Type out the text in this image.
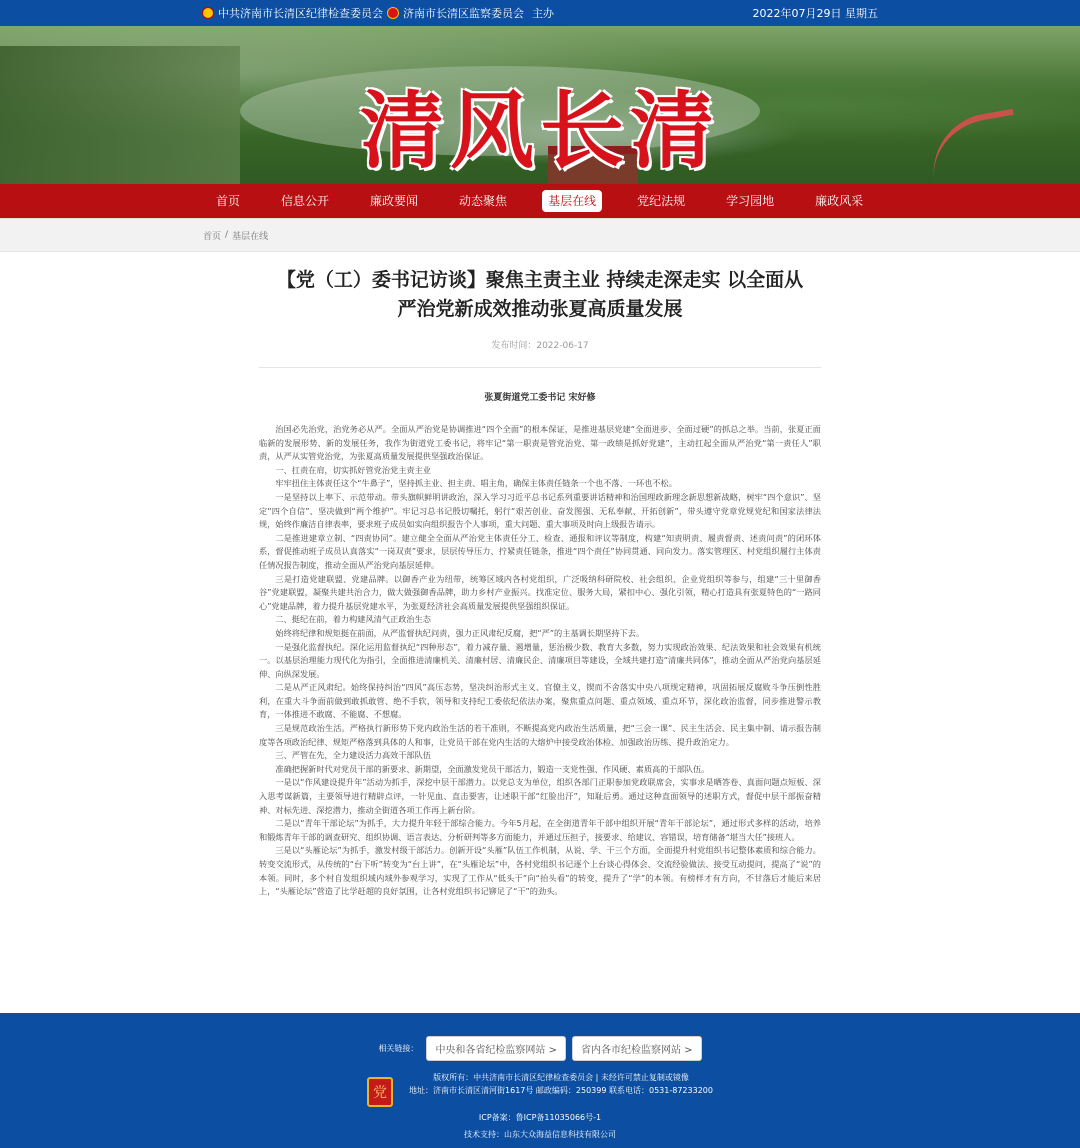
中共济南市长清区纪律检查委员会 济南市长清区监察委员会 主办	2022年07月29日 星期五
清风长清
首页	信息公开	廉政要闻	动态聚焦	基层在线	党纪法规	学习园地	廉政风采
首页 / 基层在线
【党（工）委书记访谈】聚焦主责主业 持续走深走实 以全面从
严治党新成效推动张夏高质量发展
发布时间：2022-06-17
张夏街道党工委书记 宋好修

治国必先治党，治党务必从严。全面从严治党是协调推进“四个全面”的根本保证，是推进基层党建“全面进步、全面过硬”的抓总之举。当前，张夏正面临新的发展形势、新的发展任务，我作为街道党工委书记，将牢记“第一职责是管党治党、第一政绩是抓好党建”，主动扛起全面从严治党“第一责任人”职责，从严从实管党治党，为张夏高质量发展提供坚强政治保证。

一、扛责在肩，切实抓好管党治党主责主业

牢牢扭住主体责任这个“牛鼻子”，坚持抓主业、担主责、唱主角，确保主体责任链条一个也不落、一环也不松。

一是坚持以上率下、示范带动。带头旗帜鲜明讲政治，深入学习习近平总书记系列重要讲话精神和治国理政新理念新思想新战略，树牢“四个意识”、坚定“四个自信”、坚决做到“两个维护”。牢记习总书记殷切嘱托，躬行“艰苦创业、奋发图强、无私奉献、开拓创新”，带头遵守党章党规党纪和国家法律法规，始终作廉洁自律表率，要求班子成员如实向组织报告个人事项，重大问题、重大事项及时向上级报告请示。

二是推进建章立制、“四责协同”。建立健全全面从严治党主体责任分工、检查、通报和评议等制度，构建“知责明责、履责督责、述责问责”的闭环体系，督促推动班子成员认真落实“一岗双责”要求，层层传导压力、拧紧责任链条，推进“四个责任”协同贯通、同向发力。落实管理区、村党组织履行主体责任情况报告制度，推动全面从严治党向基层延伸。

三是打造党建联盟、党建品牌。以御香产业为纽带，统筹区域内各村党组织，广泛吸纳科研院校、社会组织、企业党组织等参与，组建“三十里御香谷”党建联盟，凝聚共建共治合力，做大做强御香品牌，助力乡村产业振兴。找准定位、服务大局，紧扣中心、强化引领，精心打造具有张夏特色的“一路同心”党建品牌，着力提升基层党建水平，为张夏经济社会高质量发展提供坚强组织保证。

二、挺纪在前，着力构建风清气正政治生态

始终将纪律和规矩挺在前面，从严监督执纪问责，强力正风肃纪反腐，把“严”的主基调长期坚持下去。

一是强化监督执纪。深化运用监督执纪“四种形态”，着力减存量、遏增量，惩治极少数、教育大多数，努力实现政治效果、纪法效果和社会效果有机统一。以基层治理能力现代化为指引，全面推进清廉机关、清廉村居、清廉民企、清廉项目等建设，全域共建打造“清廉共同体”，推动全面从严治党向基层延伸、向纵深发展。

二是从严正风肃纪。始终保持纠治“四风”高压态势，坚决纠治形式主义、官僚主义，锲而不舍落实中央八项规定精神，巩固拓展反腐败斗争压倒性胜利，在重大斗争面前做到敢抓敢管、绝不手软，领导和支持纪工委依纪依法办案，聚焦重点问题、重点领域、重点环节，深化政治监督，同步推进警示教育，一体推进不敢腐、不能腐、不想腐。

三是规范政治生活。严格执行新形势下党内政治生活的若干准则，不断提高党内政治生活质量，把“三会一课”、民主生活会、民主集中制、请示报告制度等各项政治纪律、规矩严格落到具体的人和事，让党员干部在党内生活的大熔炉中接受政治体检、加强政治历练、提升政治定力。

三、严管在先，全力建设活力高效干部队伍

准确把握新时代对党员干部的新要求、新期望，全面激发党员干部活力，锻造一支党性强、作风硬、素质高的干部队伍。

一是以“作风建设提升年”活动为抓手，深挖中层干部潜力。以党总支为单位，组织各部门正职参加党政联席会，实事求是晒答卷、真面问题点短板、深入思考谋新篇，主要领导进行精辟点评，一针见血、直击要害，让述职干部“红脸出汗”，知耻后勇。通过这种直面领导的述职方式，督促中层干部振奋精神、对标先进、深挖潜力，推动全街道各项工作再上新台阶。

二是以“青年干部论坛”为抓手，大力提升年轻干部综合能力。今年5月起，在全街道青年干部中组织开展“青年干部论坛”，通过形式多样的活动，培养和锻炼青年干部的调查研究、组织协调、语言表达、分析研判等多方面能力，并通过压担子，接要求、给建议、容错误，培育储备“堪当大任”接班人。

三是以“头雁论坛”为抓手，激发村级干部活力。创新开设“头雁”队伍工作机制，从说、学、干三个方面，全面提升村党组织书记整体素质和综合能力。转变交流形式，从传统的“台下听”转变为“台上讲”，在“头雁论坛”中，各村党组织书记逐个上台谈心得体会、交流经验做法、接受互动提问，提高了“说”的本领。同时，多个村自发组织域内域外参观学习，实现了工作从“低头干”向“抬头看”的转变，提升了“学”的本领。有榜样才有方向，不甘落后才能后来居上，“头雁论坛”营造了比学赶超的良好氛围，让各村党组织书记铆足了“干”的劲头。

相关链接：	中央和各省纪检监察网站 >	省内各市纪检监察网站 >
党
版权所有：中共济南市长清区纪律检查委员会 | 未经许可禁止复制或镜像
地址：济南市长清区清河街1617号 邮政编码：250399 联系电话：0531-87233200
ICP备案：鲁ICP备11035066号-1
技术支持：山东大众海益信息科技有限公司
